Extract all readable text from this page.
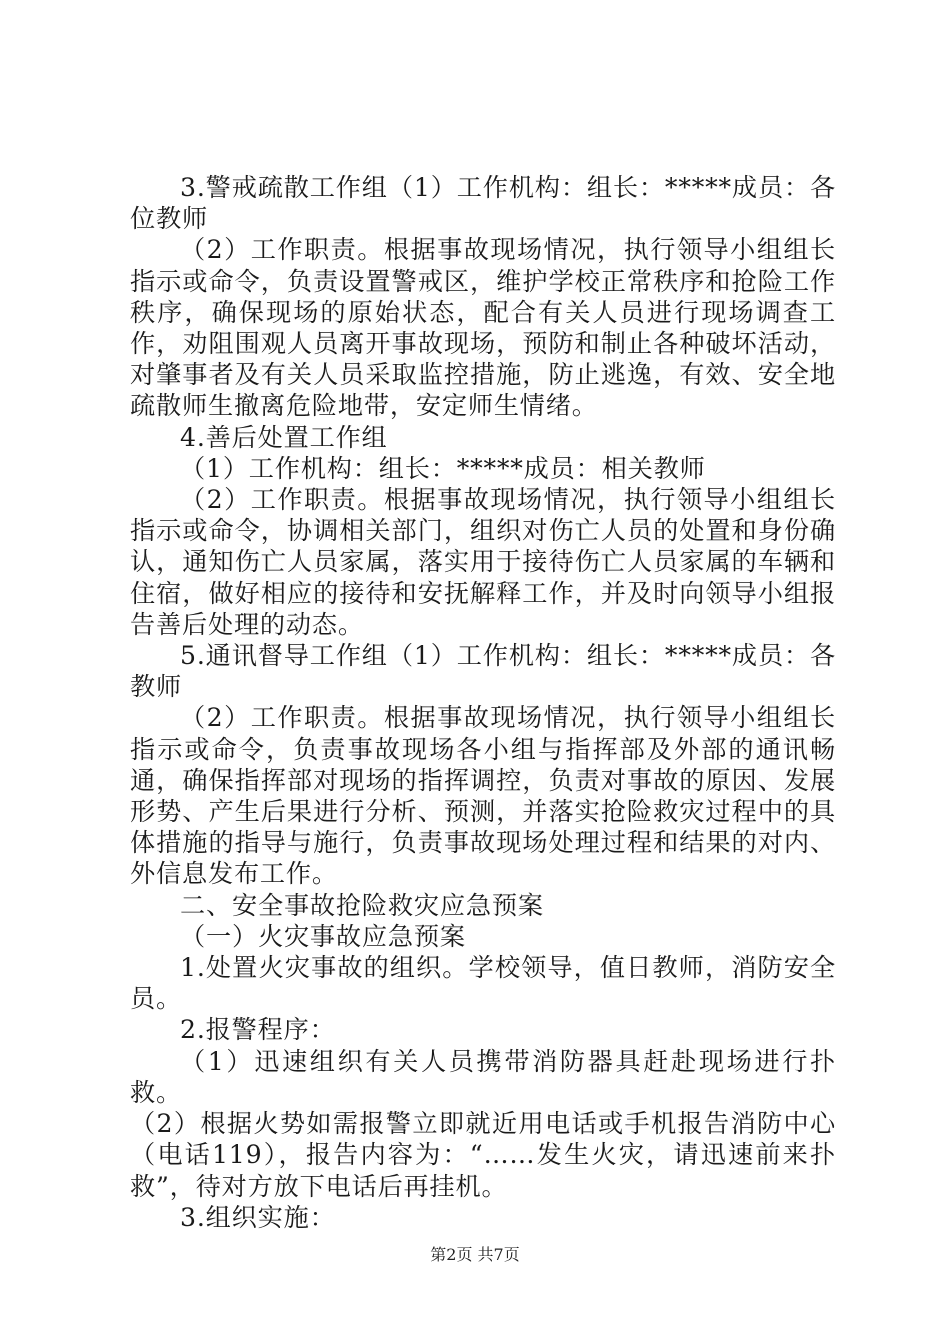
3.警戒疏散工作组（1）工作机构：组长：*****成员：各位教师

（2）工作职责。根据事故现场情况，执行领导小组组长指示或命令，负责设置警戒区，维护学校正常秩序和抢险工作秩序，确保现场的原始状态，配合有关人员进行现场调查工作，劝阻围观人员离开事故现场，预防和制止各种破坏活动，对肇事者及有关人员采取监控措施，防止逃逸，有效、安全地疏散师生撤离危险地带，安定师生情绪。

4.善后处置工作组

（1）工作机构：组长：*****成员：相关教师

（2）工作职责。根据事故现场情况，执行领导小组组长指示或命令，协调相关部门，组织对伤亡人员的处置和身份确认，通知伤亡人员家属，落实用于接待伤亡人员家属的车辆和住宿，做好相应的接待和安抚解释工作，并及时向领导小组报告善后处理的动态。

5.通讯督导工作组（1）工作机构：组长：*****成员：各教师

（2）工作职责。根据事故现场情况，执行领导小组组长指示或命令，负责事故现场各小组与指挥部及外部的通讯畅通，确保指挥部对现场的指挥调控，负责对事故的原因、发展形势、产生后果进行分析、预测，并落实抢险救灾过程中的具体措施的指导与施行，负责事故现场处理过程和结果的对内、外信息发布工作。

二、安全事故抢险救灾应急预案

（一）火灾事故应急预案

1.处置火灾事故的组织。学校领导，值日教师，消防安全员。

2.报警程序：

（1）迅速组织有关人员携带消防器具赶赴现场进行扑救。

（2）根据火势如需报警立即就近用电话或手机报告消防中心（电话119），报告内容为：“……发生火灾，请迅速前来扑救”，待对方放下电话后再挂机。

3.组织实施：

第2页 共7页
